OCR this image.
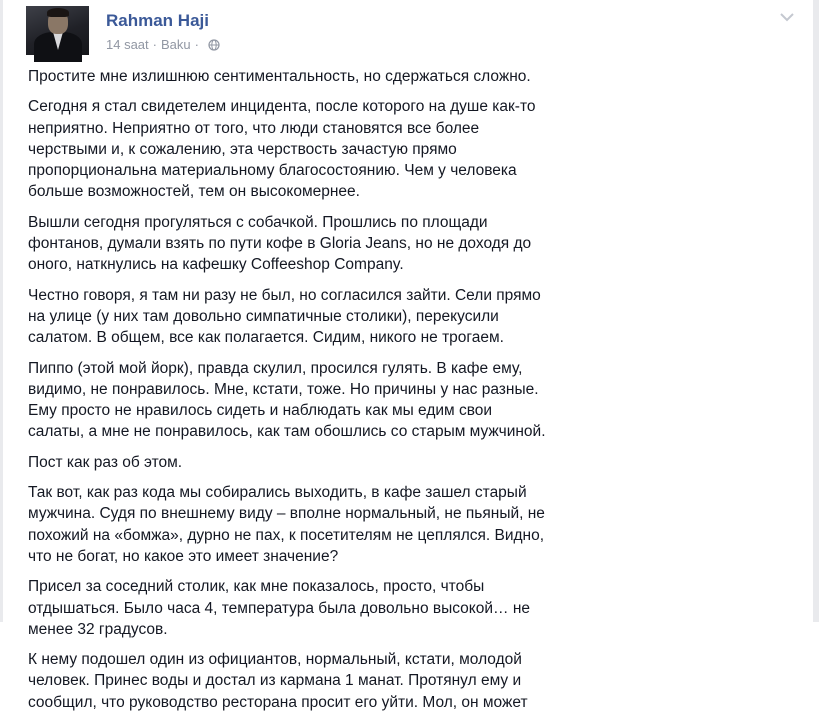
Rahman Haji
14 saat · Baku ·

Простите мне излишнюю сентиментальность, но сдержаться сложно.

Сегодня я стал свидетелем инцидента, после которого на душе как-то
неприятно. Неприятно от того, что люди становятся все более
черствыми и, к сожалению, эта черствость зачастую прямо
пропорциональна материальному благосостоянию. Чем у человека
больше возможностей, тем он высокомернее.

Вышли сегодня прогуляться с собачкой. Прошлись по площади
фонтанов, думали взять по пути кофе в Gloria Jeans, но не доходя до
оного, наткнулись на кафешку Coffeeshop Company.

Честно говоря, я там ни разу не был, но согласился зайти. Сели прямо
на улице (у них там довольно симпатичные столики), перекусили
салатом. В общем, все как полагается. Сидим, никого не трогаем.

Пиппо (этой мой йорк), правда скулил, просился гулять. В кафе ему,
видимо, не понравилось. Мне, кстати, тоже. Но причины у нас разные.
Ему просто не нравилось сидеть и наблюдать как мы едим свои
салаты, а мне не понравилось, как там обошлись со старым мужчиной.

Пост как раз об этом.

Так вот, как раз кода мы собирались выходить, в кафе зашел старый
мужчина. Судя по внешнему виду – вполне нормальный, не пьяный, не
похожий на «бомжа», дурно не пах, к посетителям не цеплялся. Видно,
что не богат, но какое это имеет значение?

Присел за соседний столик, как мне показалось, просто, чтобы
отдышаться. Было часа 4, температура была довольно высокой… не
менее 32 градусов.

К нему подошел один из официантов, нормальный, кстати, молодой
человек. Принес воды и достал из кармана 1 манат. Протянул ему и
сообщил, что руководство ресторана просит его уйти. Мол, он может
